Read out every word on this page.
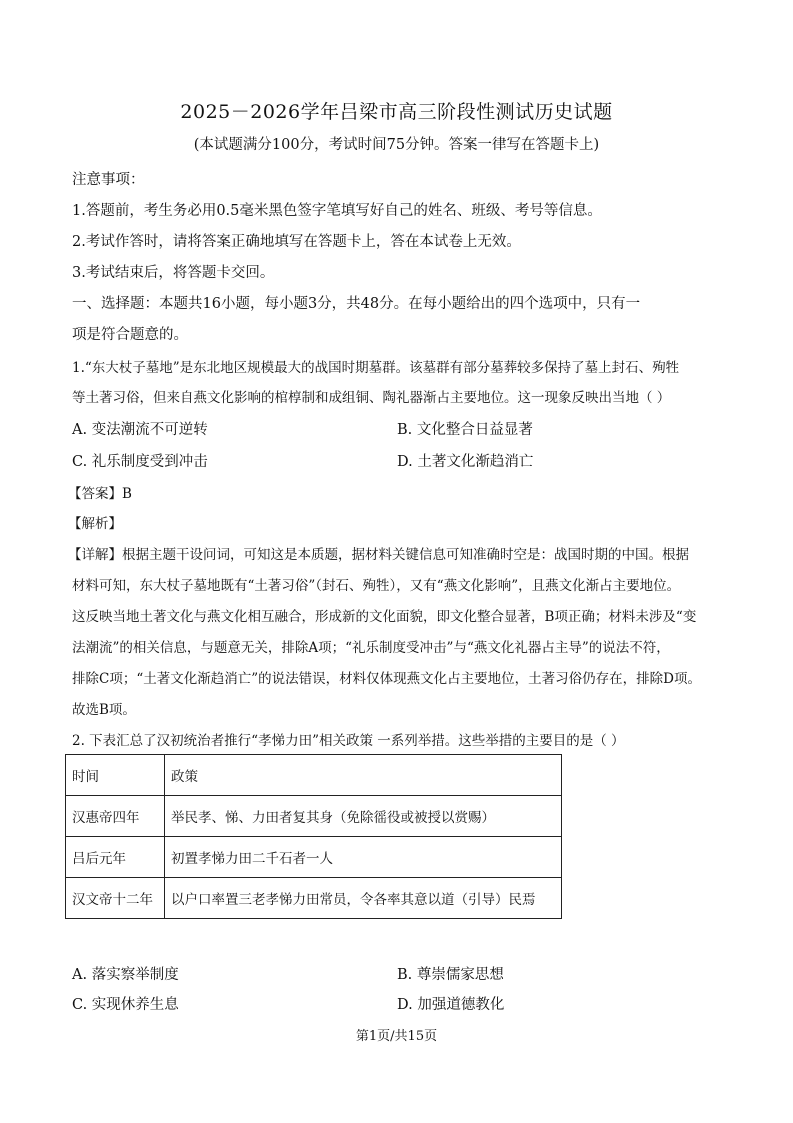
2025－2026学年吕梁市高三阶段性测试历史试题
(本试题满分100分，考试时间75分钟。答案一律写在答题卡上)
注意事项：
1.答题前，考生务必用0.5毫米黑色签字笔填写好自己的姓名、班级、考号等信息。
2.考试作答时，请将答案正确地填写在答题卡上，答在本试卷上无效。
3.考试结束后，将答题卡交回。
一、选择题：本题共16小题，每小题3分，共48分。在每小题给出的四个选项中，只有一
项是符合题意的。
1.“东大杖子墓地”是东北地区规模最大的战国时期墓群。该墓群有部分墓葬较多保持了墓上封石、殉牲
等土著习俗，但来自燕文化影响的棺椁制和成组铜、陶礼器渐占主要地位。这一现象反映出当地（ ）
A. 变法潮流不可逆转	B. 文化整合日益显著
C. 礼乐制度受到冲击	D. 土著文化渐趋消亡
【答案】B
【解析】
【详解】根据主题干设问词，可知这是本质题，据材料关键信息可知准确时空是：战国时期的中国。根据
材料可知，东大杖子墓地既有“土著习俗”（封石、殉牲），又有“燕文化影响”，且燕文化渐占主要地位。
这反映当地土著文化与燕文化相互融合，形成新的文化面貌，即文化整合显著，B项正确；材料未涉及“变
法潮流”的相关信息，与题意无关，排除A项；“礼乐制度受冲击”与“燕文化礼器占主导”的说法不符，
排除C项；“土著文化渐趋消亡”的说法错误，材料仅体现燕文化占主要地位，土著习俗仍存在，排除D项。
故选B项。
2. 下表汇总了汉初统治者推行“孝悌力田”相关政策 一系列举措。这些举措的主要目的是（ ）
时间	政策
汉惠帝四年	举民孝、悌、力田者复其身（免除徭役或被授以赏赐）
吕后元年	初置孝悌力田二千石者一人
汉文帝十二年	以户口率置三老孝悌力田常员，令各率其意以道（引导）民焉
A. 落实察举制度	B. 尊崇儒家思想
C. 实现休养生息	D. 加强道德教化
第1页/共15页
